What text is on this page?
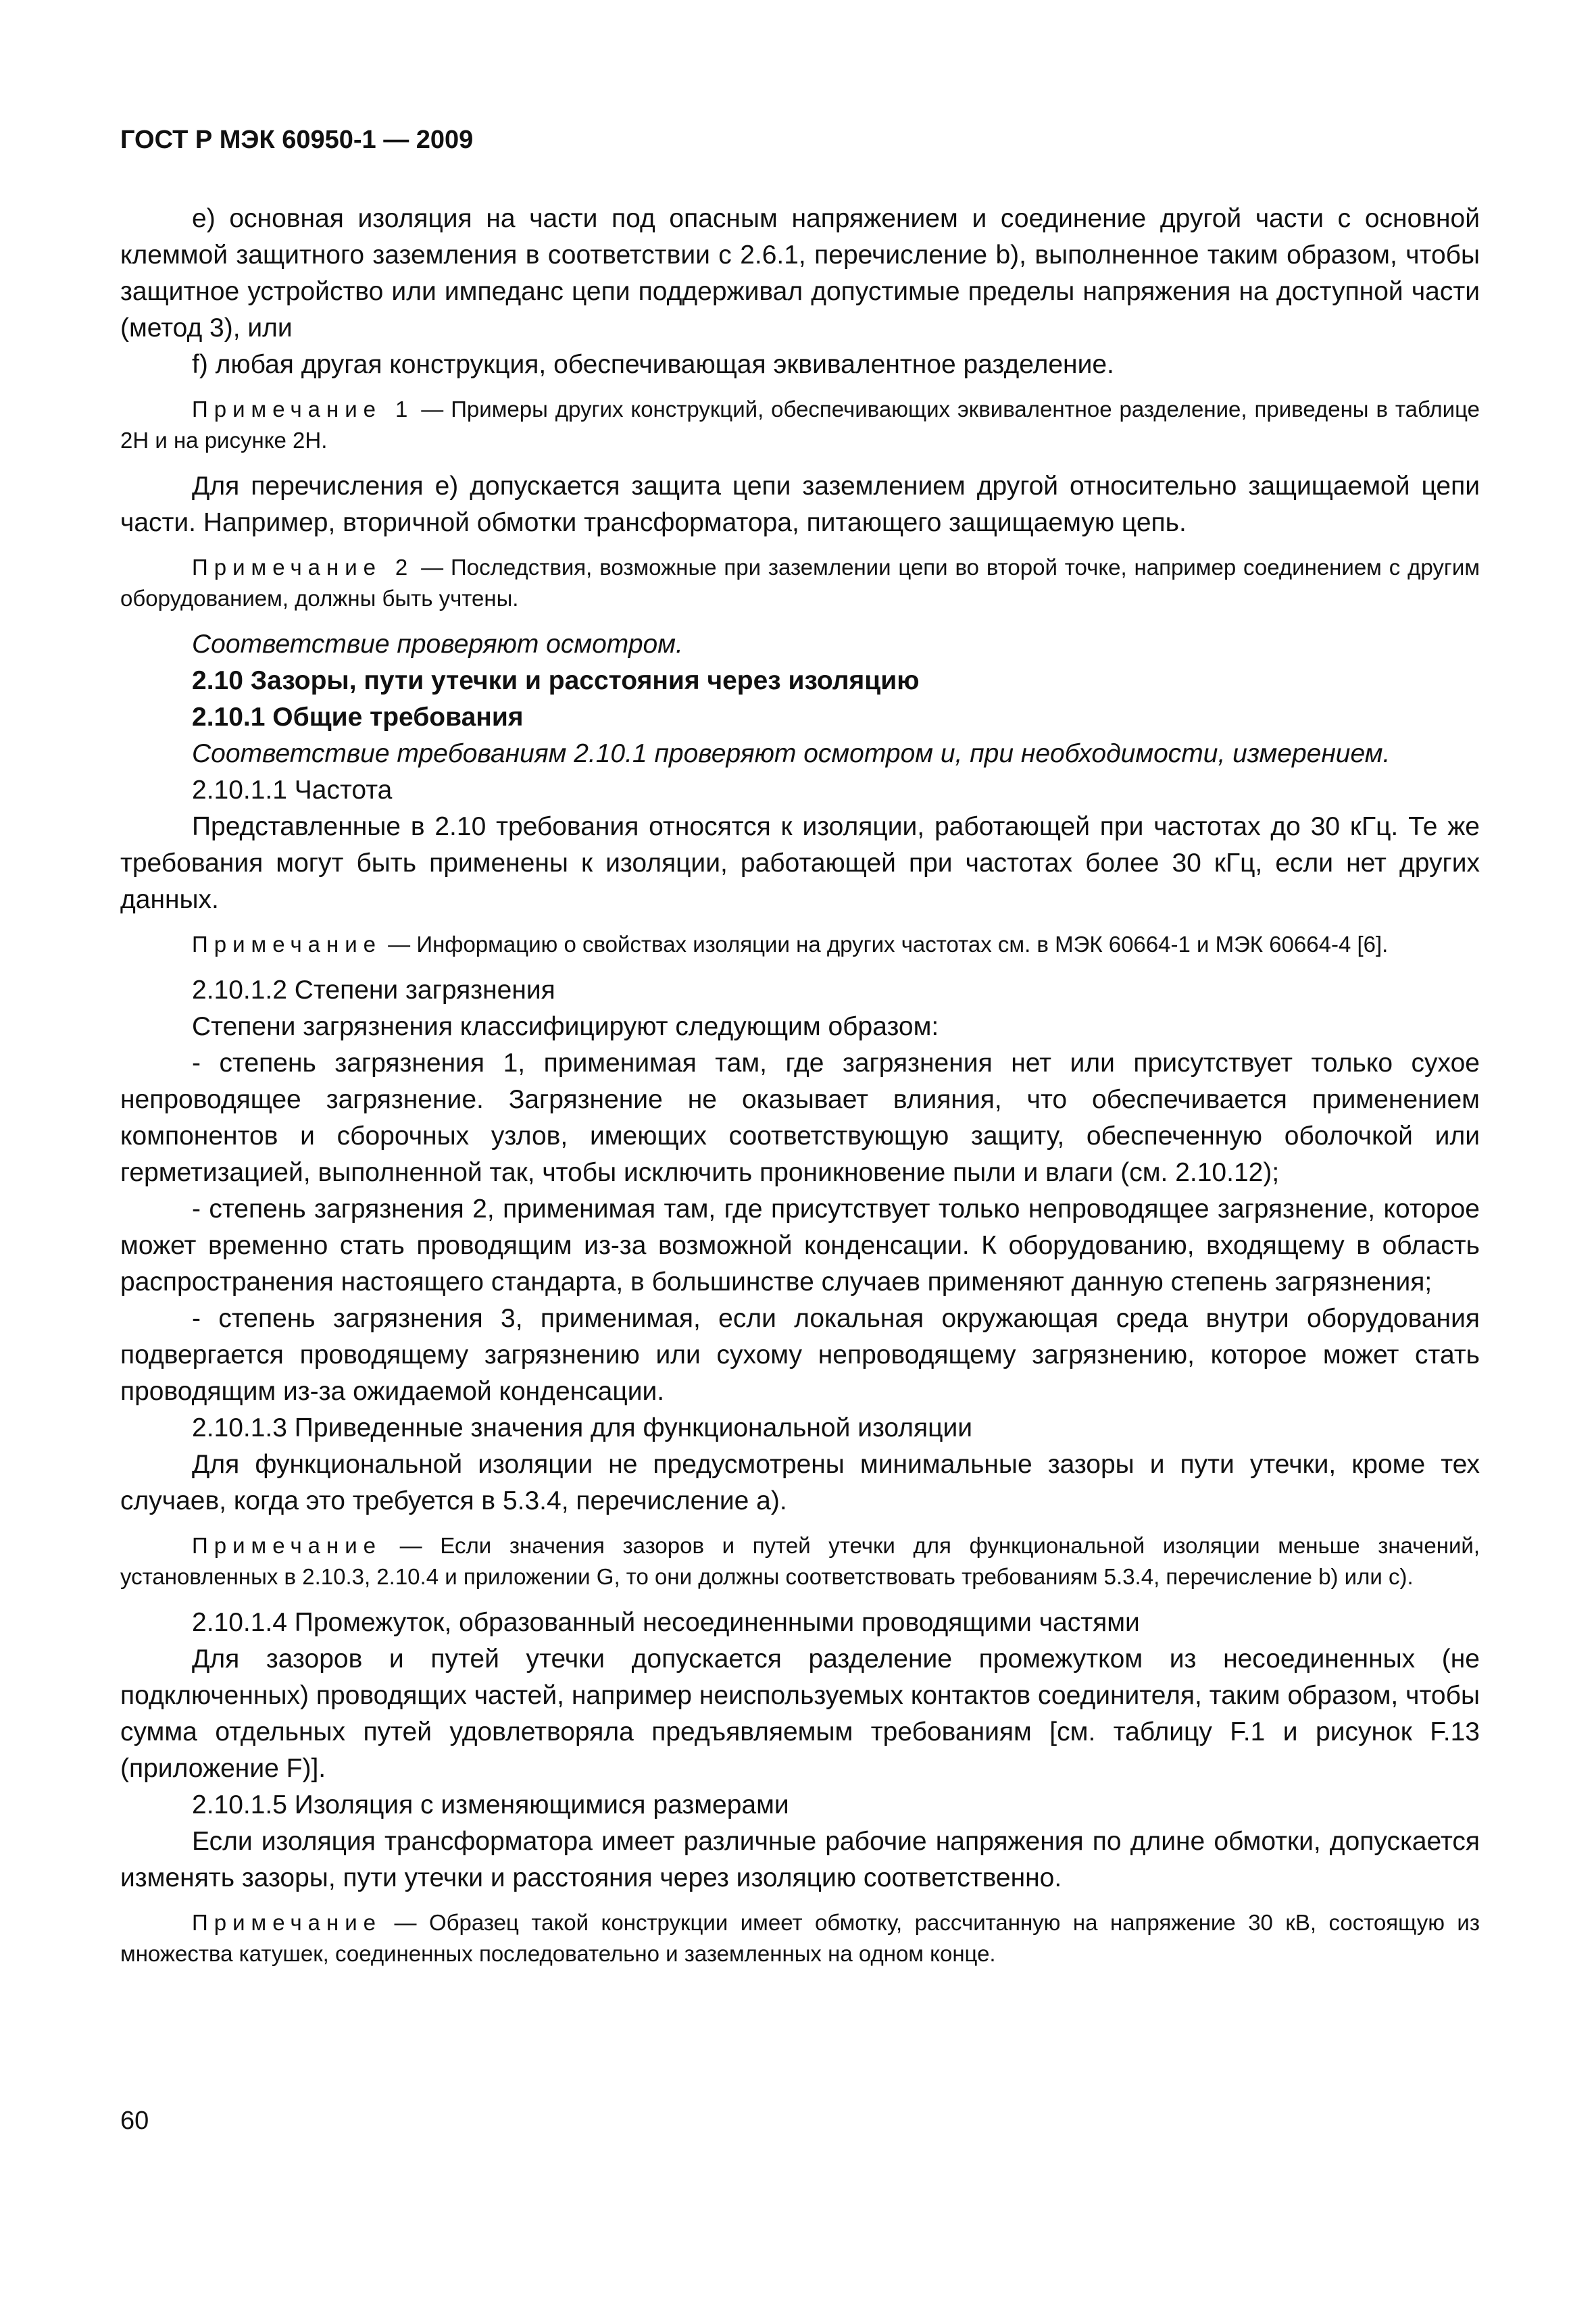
ГОСТ Р МЭК 60950-1 — 2009

e) основная изоляция на части под опасным напряжением и соединение другой части с основной клеммой защитного заземления в соответствии с 2.6.1, перечисление b), выполненное таким образом, чтобы защитное устройство или импеданс цепи поддерживал допустимые пределы напряжения на доступной части (метод 3), или

f) любая другая конструкция, обеспечивающая эквивалентное разделение.

Примечание 1 — Примеры других конструкций, обеспечивающих эквивалентное разделение, приведены в таблице 2H и на рисунке 2H.

Для перечисления e) допускается защита цепи заземлением другой относительно защищаемой цепи части. Например, вторичной обмотки трансформатора, питающего защищаемую цепь.

Примечание 2 — Последствия, возможные при заземлении цепи во второй точке, например соединением с другим оборудованием, должны быть учтены.

Соответствие проверяют осмотром.

2.10 Зазоры, пути утечки и расстояния через изоляцию

2.10.1 Общие требования

Соответствие требованиям 2.10.1 проверяют осмотром и, при необходимости, измерением.

2.10.1.1 Частота

Представленные в 2.10 требования относятся к изоляции, работающей при частотах до 30 кГц. Те же требования могут быть применены к изоляции, работающей при частотах более 30 кГц, если нет других данных.

Примечание — Информацию о свойствах изоляции на других частотах см. в МЭК 60664-1 и МЭК 60664-4 [6].

2.10.1.2 Степени загрязнения

Степени загрязнения классифицируют следующим образом:

- степень загрязнения 1, применимая там, где загрязнения нет или присутствует только сухое непроводящее загрязнение. Загрязнение не оказывает влияния, что обеспечивается применением компонентов и сборочных узлов, имеющих соответствующую защиту, обеспеченную оболочкой или герметизацией, выполненной так, чтобы исключить проникновение пыли и влаги (см. 2.10.12);

- степень загрязнения 2, применимая там, где присутствует только непроводящее загрязнение, которое может временно стать проводящим из-за возможной конденсации. К оборудованию, входящему в область распространения настоящего стандарта, в большинстве случаев применяют данную степень загрязнения;

- степень загрязнения 3, применимая, если локальная окружающая среда внутри оборудования подвергается проводящему загрязнению или сухому непроводящему загрязнению, которое может стать проводящим из-за ожидаемой конденсации.

2.10.1.3 Приведенные значения для функциональной изоляции

Для функциональной изоляции не предусмотрены минимальные зазоры и пути утечки, кроме тех случаев, когда это требуется в 5.3.4, перечисление a).

Примечание — Если значения зазоров и путей утечки для функциональной изоляции меньше значений, установленных в 2.10.3, 2.10.4 и приложении G, то они должны соответствовать требованиям 5.3.4, перечисление b) или c).

2.10.1.4 Промежуток, образованный несоединенными проводящими частями

Для зазоров и путей утечки допускается разделение промежутком из несоединенных (не подключенных) проводящих частей, например неиспользуемых контактов соединителя, таким образом, чтобы сумма отдельных путей удовлетворяла предъявляемым требованиям [см. таблицу F.1 и рисунок F.13 (приложение F)].

2.10.1.5 Изоляция с изменяющимися размерами

Если изоляция трансформатора имеет различные рабочие напряжения по длине обмотки, допускается изменять зазоры, пути утечки и расстояния через изоляцию соответственно.

Примечание — Образец такой конструкции имеет обмотку, рассчитанную на напряжение 30 кВ, состоящую из множества катушек, соединенных последовательно и заземленных на одном конце.

60
